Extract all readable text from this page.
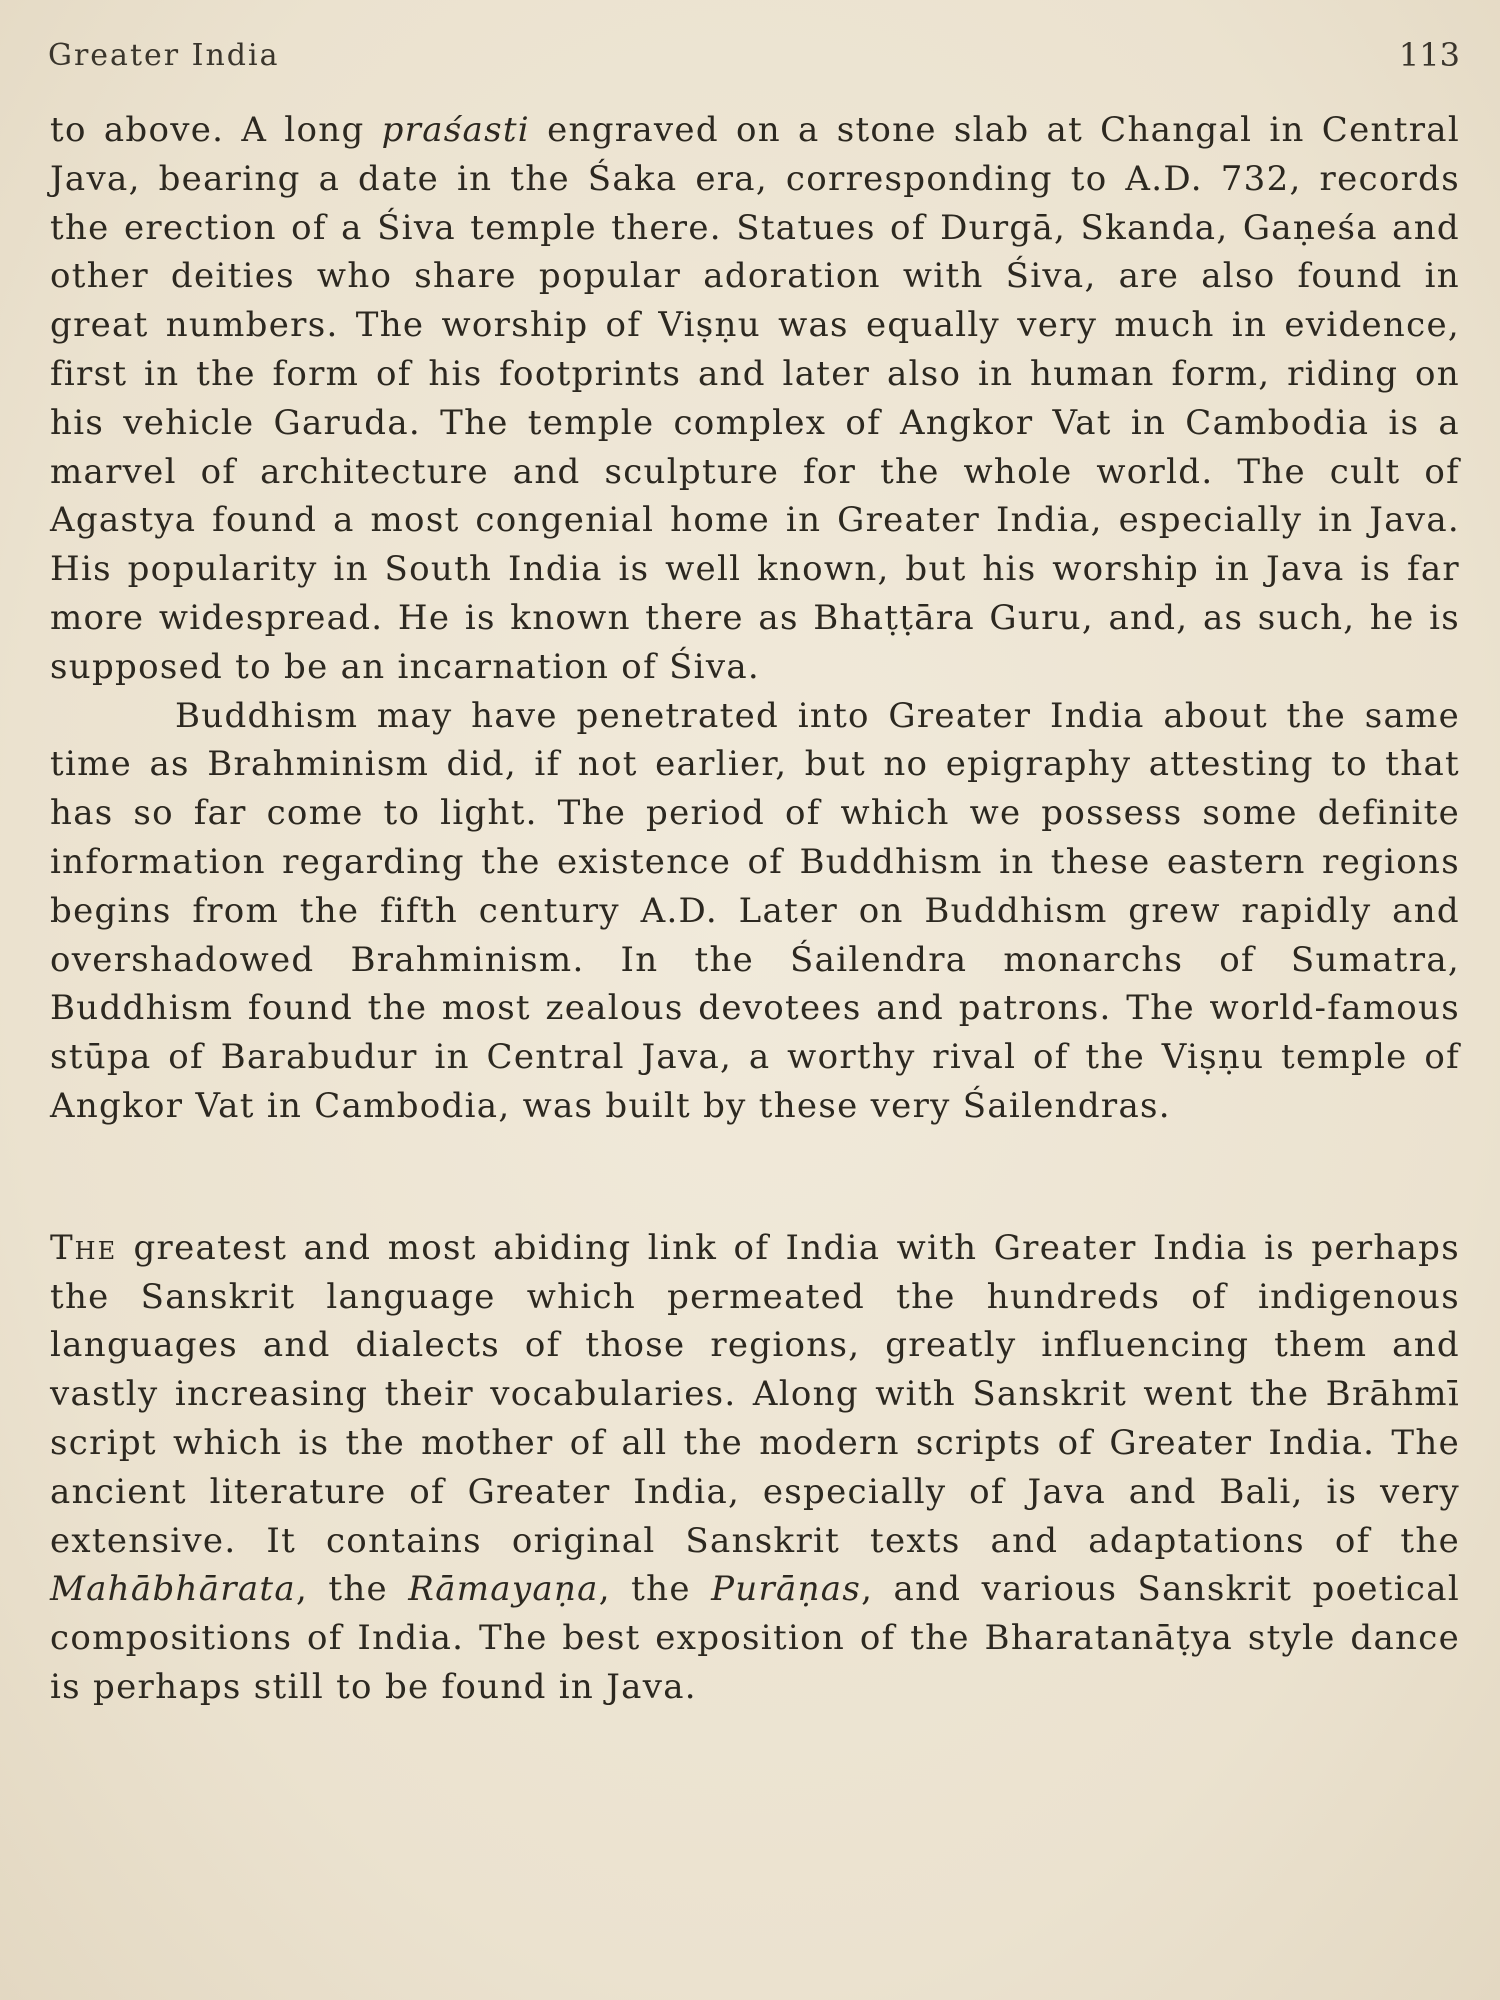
Greater India	113

to above. A long praśasti engraved on a stone slab at Changal in Central Java, bearing a date in the Śaka era, corresponding to A.D. 732, records the erection of a Śiva temple there. Statues of Durgā, Skanda, Gaṇeśa and other deities who share popular adoration with Śiva, are also found in great numbers. The worship of Viṣṇu was equally very much in evidence, first in the form of his footprints and later also in human form, riding on his vehicle Garuda. The temple complex of Angkor Vat in Cambodia is a marvel of architecture and sculpture for the whole world. The cult of Agastya found a most congenial home in Greater India, especially in Java. His popularity in South India is well known, but his worship in Java is far more widespread. He is known there as Bhaṭṭāra Guru, and, as such, he is supposed to be an incarnation of Śiva.

Buddhism may have penetrated into Greater India about the same time as Brahminism did, if not earlier, but no epigraphy attesting to that has so far come to light. The period of which we possess some definite information regarding the existence of Buddhism in these eastern regions begins from the fifth century A.D. Later on Buddhism grew rapidly and overshadowed Brahminism. In the Śailendra monarchs of Sumatra, Buddhism found the most zealous devotees and patrons. The world-famous stūpa of Barabudur in Central Java, a worthy rival of the Viṣṇu temple of Angkor Vat in Cambodia, was built by these very Śailendras.

The greatest and most abiding link of India with Greater India is perhaps the Sanskrit language which permeated the hundreds of indigenous languages and dialects of those regions, greatly influencing them and vastly increasing their vocabularies. Along with Sanskrit went the Brāhmī script which is the mother of all the modern scripts of Greater India. The ancient literature of Greater India, especially of Java and Bali, is very extensive. It contains original Sanskrit texts and adaptations of the Mahābhārata, the Rāmayaṇa, the Purāṇas, and various Sanskrit poetical compositions of India. The best exposition of the Bharatanāṭya style dance is perhaps still to be found in Java.
